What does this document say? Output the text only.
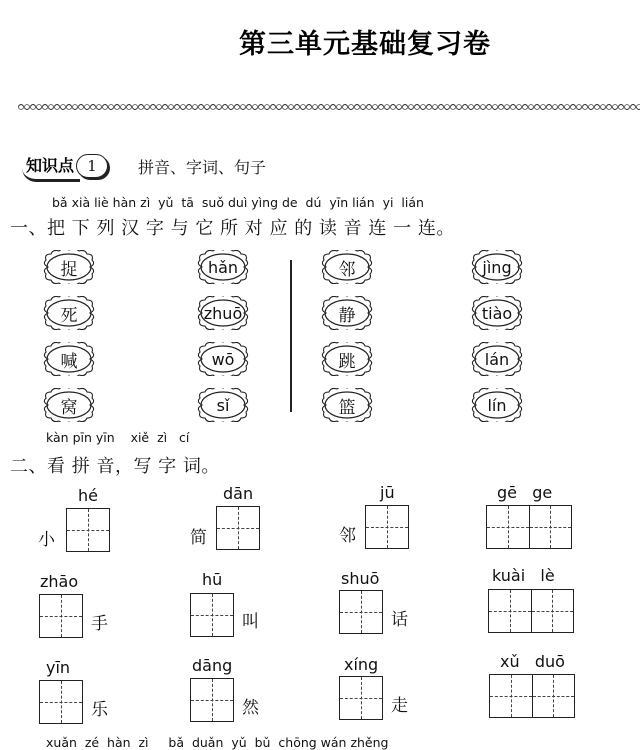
第三单元基础复习卷
知识点 1	拼音、字词、句子
bǎ xià liè hàn zì  yǔ  tā  suǒ duì yìng de  dú  yīn lián  yi  lián
一、把 下 列 汉 字 与 它 所 对 应 的 读 音 连 一 连。
捉
死
喊
窝
hǎn
zhuō
wō
sǐ
邻
静
跳
篮
jìng
tiào
lán
lín
kàn pīn yīn    xiě  zì   cí
二、看 拼 音，写 字 词。
hé
小
dān
简
jū
邻
gē   ge
zhāo
手
hū
叫
shuō
话
kuài   lè
yīn
乐
dāng
然
xíng
走
xǔ   duō
xuǎn  zé  hàn  zì     bǎ  duǎn  yǔ  bǔ  chōng wán zhěng
